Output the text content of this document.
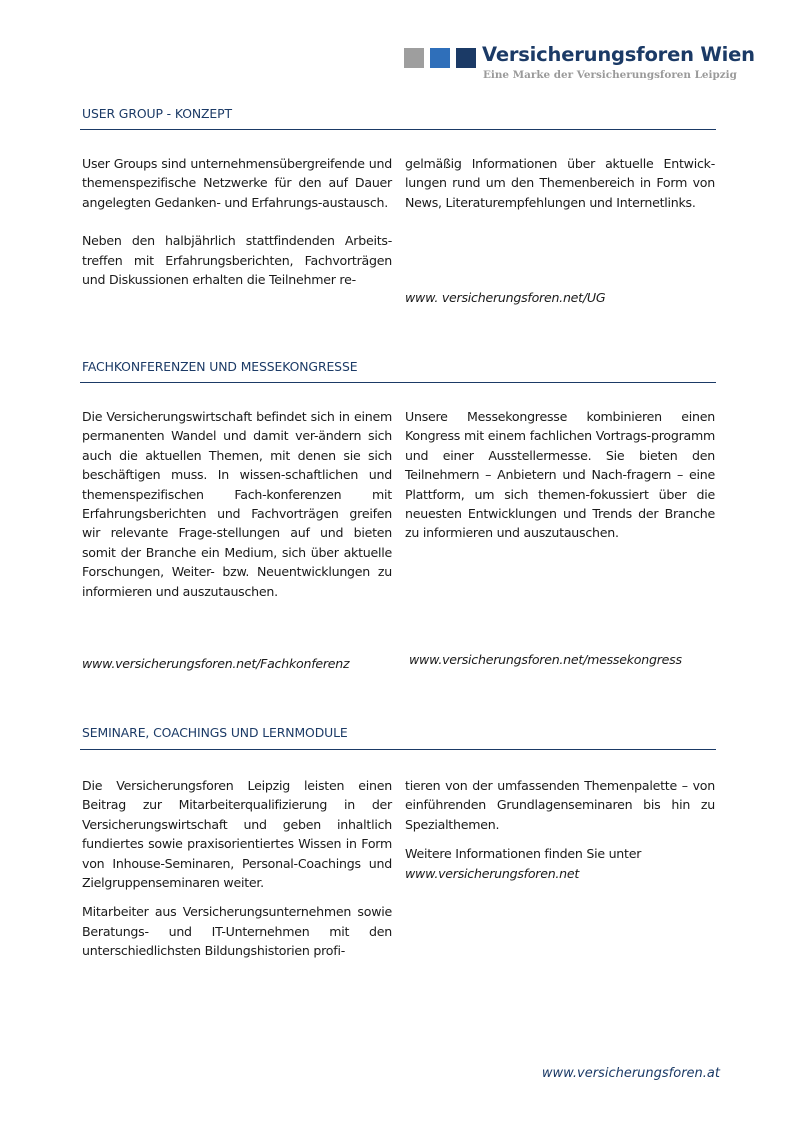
Versicherungsforen Wien
Eine Marke der Versicherungsforen Leipzig
USER GROUP - KONZEPT

User Groups sind unternehmensübergreifende und themenspezifische Netzwerke für den auf Dauer angelegten Gedanken- und Erfahrungs-austausch.

Neben den halbjährlich stattfindenden Arbeits-treffen mit Erfahrungsberichten, Fachvorträgen und Diskussionen erhalten die Teilnehmer re-

gelmäßig Informationen über aktuelle Entwick-lungen rund um den Themenbereich in Form von News, Literaturempfehlungen und Internetlinks.

www. versicherungsforen.net/UG
FACHKONFERENZEN UND MESSEKONGRESSE

Die Versicherungswirtschaft befindet sich in einem permanenten Wandel und damit ver-ändern sich auch die aktuellen Themen, mit denen sie sich beschäftigen muss. In wissen-schaftlichen und themenspezifischen Fach-konferenzen mit Erfahrungsberichten und Fachvorträgen greifen wir relevante Frage-stellungen auf und bieten somit der Branche ein Medium, sich über aktuelle Forschungen, Weiter- bzw. Neuentwicklungen zu informieren und auszutauschen.

www.versicherungsforen.net/Fachkonferenz

Unsere Messekongresse kombinieren einen Kongress mit einem fachlichen Vortrags-programm und einer Ausstellermesse. Sie bieten den Teilnehmern – Anbietern und Nach-fragern – eine Plattform, um sich themen-fokussiert über die neuesten Entwicklungen und Trends der Branche zu informieren und auszutauschen.

www.versicherungsforen.net/messekongress
SEMINARE, COACHINGS UND LERNMODULE

Die Versicherungsforen Leipzig leisten einen Beitrag zur Mitarbeiterqualifizierung in der Versicherungswirtschaft und geben inhaltlich fundiertes sowie praxisorientiertes Wissen in Form von Inhouse-Seminaren, Personal-Coachings und Zielgruppenseminaren weiter.

Mitarbeiter aus Versicherungsunternehmen sowie Beratungs- und IT-Unternehmen mit den unterschiedlichsten Bildungshistorien profi-

tieren von der umfassenden Themenpalette – von einführenden Grundlagenseminaren bis hin zu Spezialthemen.

Weitere Informationen finden Sie unter
www.versicherungsforen.net

www.versicherungsforen.at
